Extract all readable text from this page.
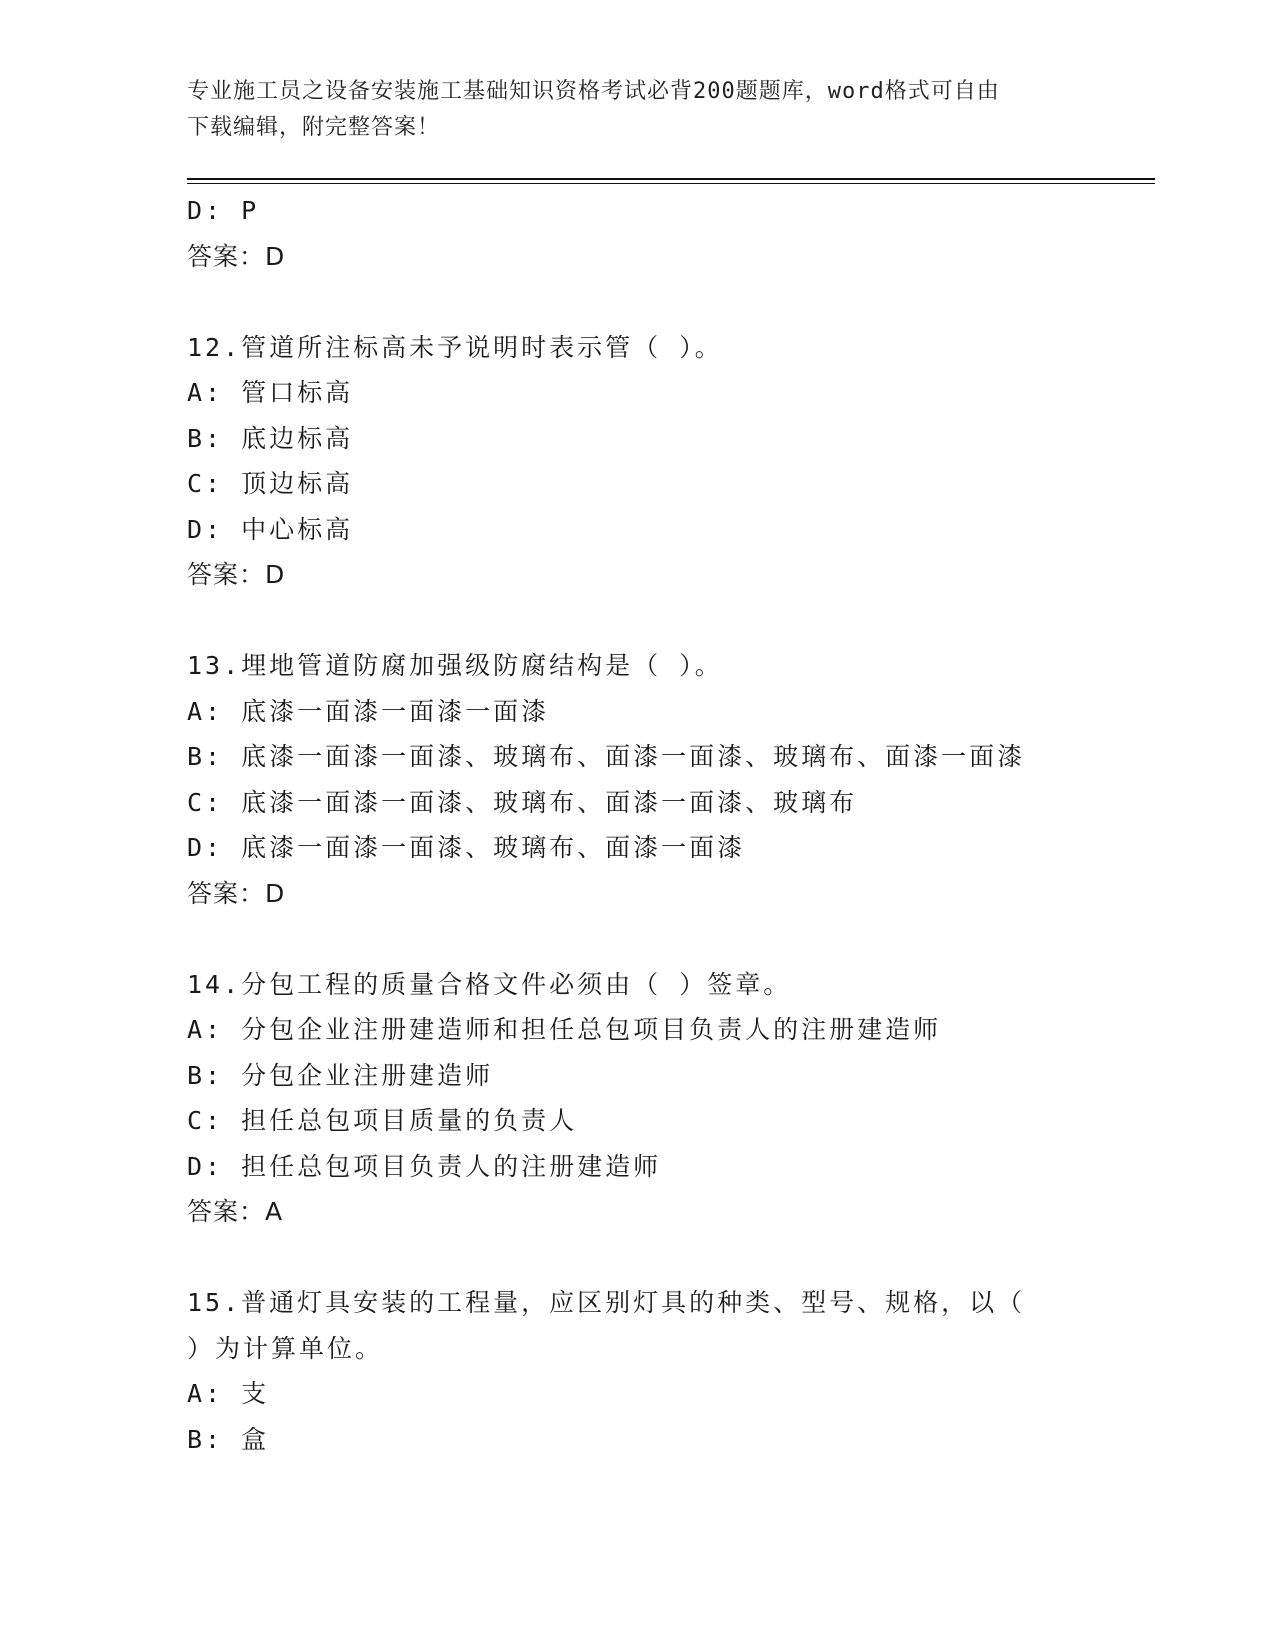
专业施工员之设备安装施工基础知识资格考试必背200题题库，word格式可自由
下载编辑，附完整答案！
D: P
答案：D
12.管道所注标高未予说明时表示管（ ）。
A: 管口标高
B: 底边标高
C: 顶边标高
D: 中心标高
答案：D
13.埋地管道防腐加强级防腐结构是（ ）。
A: 底漆一面漆一面漆一面漆
B: 底漆一面漆一面漆、玻璃布、面漆一面漆、玻璃布、面漆一面漆
C: 底漆一面漆一面漆、玻璃布、面漆一面漆、玻璃布
D: 底漆一面漆一面漆、玻璃布、面漆一面漆
答案：D
14.分包工程的质量合格文件必须由（ ）签章。
A: 分包企业注册建造师和担任总包项目负责人的注册建造师
B: 分包企业注册建造师
C: 担任总包项目质量的负责人
D: 担任总包项目负责人的注册建造师
答案：A
15.普通灯具安装的工程量，应区别灯具的种类、型号、规格，以（
）为计算单位。
A: 支
B: 盒
